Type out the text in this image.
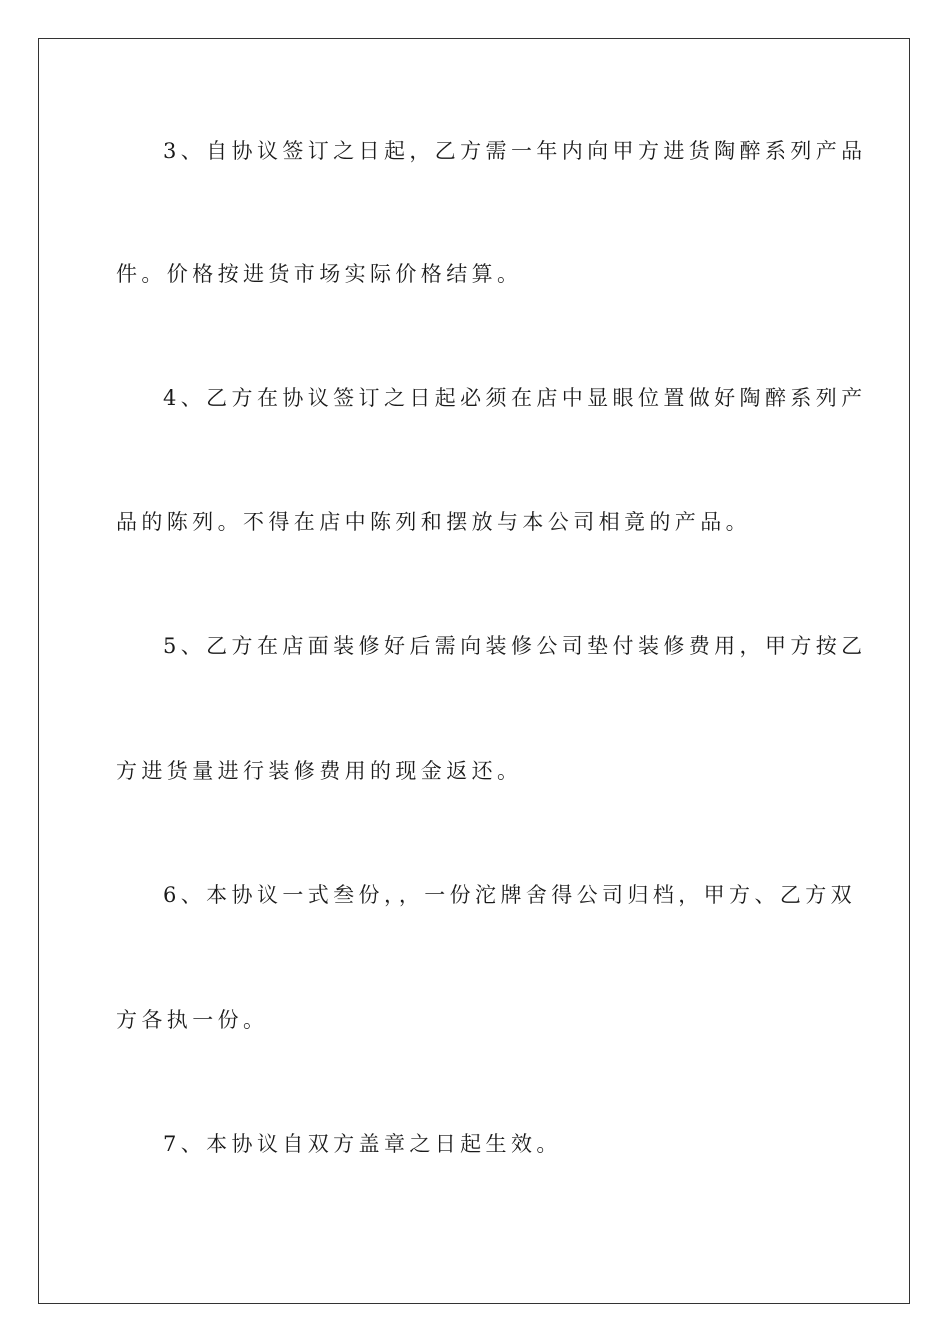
3、自协议签订之日起，乙方需一年内向甲方进货陶醉系列产品
件。价格按进货市场实际价格结算。
4、乙方在协议签订之日起必须在店中显眼位置做好陶醉系列产
品的陈列。不得在店中陈列和摆放与本公司相竟的产品。
5、乙方在店面装修好后需向装修公司垫付装修费用，甲方按乙
方进货量进行装修费用的现金返还。
6、本协议一式叁份，，一份沱牌舍得公司归档，甲方、乙方双
方各执一份。
7、本协议自双方盖章之日起生效。
